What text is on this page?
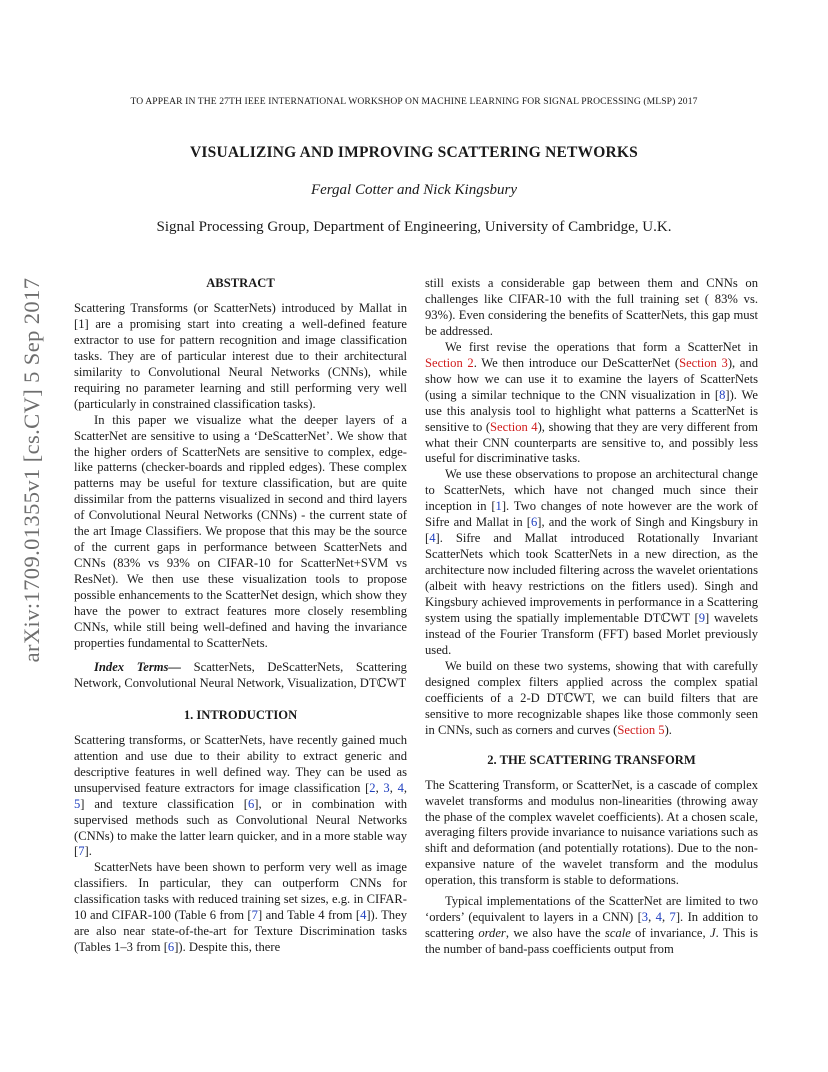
TO APPEAR IN THE 27TH IEEE INTERNATIONAL WORKSHOP ON MACHINE LEARNING FOR SIGNAL PROCESSING (MLSP) 2017
VISUALIZING AND IMPROVING SCATTERING NETWORKS
Fergal Cotter and Nick Kingsbury
Signal Processing Group, Department of Engineering, University of Cambridge, U.K.
arXiv:1709.01355v1 [cs.CV] 5 Sep 2017	ABSTRACT

Scattering Transforms (or ScatterNets) introduced by Mallat in [1] are a promising start into creating a well-defined feature extractor to use for pattern recognition and image classification tasks. They are of particular interest due to their architectural similarity to Convolutional Neural Networks (CNNs), while requiring no parameter learning and still performing very well (particularly in constrained classification tasks).

In this paper we visualize what the deeper layers of a ScatterNet are sensitive to using a ‘DeScatterNet’. We show that the higher orders of ScatterNets are sensitive to complex, edge-like patterns (checker-boards and rippled edges). These complex patterns may be useful for texture classification, but are quite dissimilar from the patterns visualized in second and third layers of Convolutional Neural Networks (CNNs) - the current state of the art Image Classifiers. We propose that this may be the source of the current gaps in performance between ScatterNets and CNNs (83% vs 93% on CIFAR-10 for ScatterNet+SVM vs ResNet). We then use these visualization tools to propose possible enhancements to the ScatterNet design, which show they have the power to extract features more closely resembling CNNs, while still being well-defined and having the invariance properties fundamental to ScatterNets.

Index Terms— ScatterNets, DeScatterNets, Scattering Network, Convolutional Neural Network, Visualization, DTℂWT

1. INTRODUCTION

Scattering transforms, or ScatterNets, have recently gained much attention and use due to their ability to extract generic and descriptive features in well defined way. They can be used as unsupervised feature extractors for image classification [2, 3, 4, 5] and texture classification [6], or in combination with supervised methods such as Convolutional Neural Networks (CNNs) to make the latter learn quicker, and in a more stable way [7].

ScatterNets have been shown to perform very well as image classifiers. In particular, they can outperform CNNs for classification tasks with reduced training set sizes, e.g. in CIFAR-10 and CIFAR-100 (Table 6 from [7] and Table 4 from [4]). They are also near state-of-the-art for Texture Discrimination tasks (Tables 1–3 from [6]). Despite this, there

still exists a considerable gap between them and CNNs on challenges like CIFAR-10 with the full training set ( 83% vs. 93%). Even considering the benefits of ScatterNets, this gap must be addressed.

We first revise the operations that form a ScatterNet in Section 2. We then introduce our DeScatterNet (Section 3), and show how we can use it to examine the layers of ScatterNets (using a similar technique to the CNN visualization in [8]). We use this analysis tool to highlight what patterns a ScatterNet is sensitive to (Section 4), showing that they are very different from what their CNN counterparts are sensitive to, and possibly less useful for discriminative tasks.

We use these observations to propose an architectural change to ScatterNets, which have not changed much since their inception in [1]. Two changes of note however are the work of Sifre and Mallat in [6], and the work of Singh and Kingsbury in [4]. Sifre and Mallat introduced Rotationally Invariant ScatterNets which took ScatterNets in a new direction, as the architecture now included filtering across the wavelet orientations (albeit with heavy restrictions on the fitlers used). Singh and Kingsbury achieved improvements in performance in a Scattering system using the spatially implementable DTℂWT [9] wavelets instead of the Fourier Transform (FFT) based Morlet previously used.

We build on these two systems, showing that with carefully designed complex filters applied across the complex spatial coefficients of a 2-D DTℂWT, we can build filters that are sensitive to more recognizable shapes like those commonly seen in CNNs, such as corners and curves (Section 5).

2. THE SCATTERING TRANSFORM

The Scattering Transform, or ScatterNet, is a cascade of complex wavelet transforms and modulus non-linearities (throwing away the phase of the complex wavelet coefficients). At a chosen scale, averaging filters provide invariance to nuisance variations such as shift and deformation (and potentially rotations). Due to the non-expansive nature of the wavelet transform and the modulus operation, this transform is stable to deformations.

Typical implementations of the ScatterNet are limited to two ‘orders’ (equivalent to layers in a CNN) [3, 4, 7]. In addition to scattering order, we also have the scale of invariance, J. This is the number of band-pass coefficients output from
